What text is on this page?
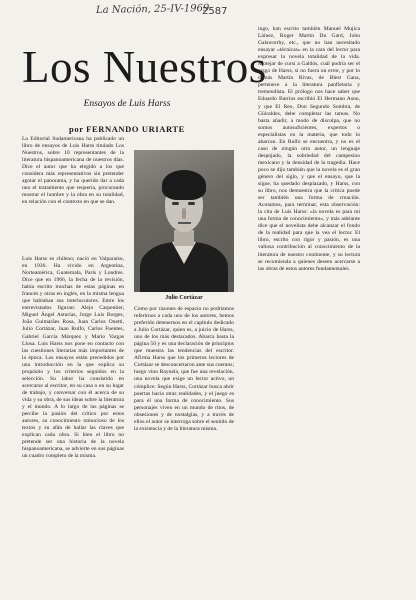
La Nación, 25-IV-1969
2587
Los Nuestros
Ensayos de Luis Harss
por FERNANDO URIARTE

La Editorial Sudamericana ha publicado un libro de ensayos de Luis Harss titulado Los Nuestros, sobre 10 representantes de la literatura hispanoamericana de nuestros días. Dice el autor que ha elegido a los que considera más representativos sin pretender agotar el panorama, y ha querido dar a cada uno el tratamiento que requería, procurando mostrar el hombre y la obra en su totalidad, en relación con el contexto en que se dan.

Luis Harss es chileno; nació en Valparaíso, en 1936. Ha vivido en Argentina, Norteamérica, Guatemala, París y Londres. Dice que en 1966, la fecha de la revisión, había escrito muchas de estas páginas en francés y otras en inglés, en la misma lengua que hablaban sus interlocutores. Entre los entrevistados figuran: Alejo Carpentier, Miguel Ángel Asturias, Jorge Luis Borges, João Guimarães Rosa, Juan Carlos Onetti, Julio Cortázar, Juan Rulfo, Carlos Fuentes, Gabriel García Márquez y Mario Vargas Llosa. Luis Harss nos pone en contacto con las cuestiones literarias más importantes de la época. Los ensayos están precedidos por una introducción en la que explica su propósito y los criterios seguidos en la selección. Su labor ha consistido en acercarse al escritor, en su casa o en su lugar de trabajo, y conversar con él acerca de su vida y su obra, de sus ideas sobre la literatura y el mundo. A lo largo de las páginas se percibe la pasión del crítico por estos autores, su conocimiento minucioso de los textos y su afán de hallar las claves que explican cada obra. Si bien el libro no pretende ser una historia de la novela hispanoamericana, se advierte en sus páginas un cuadro completo de la misma.

Julio Cortázar

Como por razones de espacio no podríamos referirnos a cada uno de los autores, hemos preferido detenernos en el capítulo dedicado a Julio Cortázar, quien es, a juicio de Harss, uno de los más destacados. Abarca hasta la página 50 y es una declaración de principios que muestra las tendencias del escritor. Afirma Harss que los primeros lectores de Cortázar se desconcertaron ante sus cuentos; luego vino Rayuela, que fue una revelación, una novela que exige un lector activo, un cómplice. Según Harss, Cortázar busca abrir puertas hacia otras realidades, y el juego es para él una forma de conocimiento. Sus personajes viven en un mundo de ritos, de obsesiones y de nostalgias, y a través de ellos el autor se interroga sobre el sentido de la existencia y de la literatura misma.

ingo, han escrito también Manuel Mujica Láinez, Roger Martin Du Gard, John Galsworthy, etc., que no han necesitado ensayar «técnicas» en la cara del lector para expresar la novela totalidad de la vida. Motejar de cursi a Galdós, cuál podría ser el rasgo de Harss, si no fuera un error, y por lo demás Martín Rivas, de Blest Gana, pertenece a la literatura panfletaria y tremendista. El prólogo nos hace saber que Eduardo Barrios escribió El Hermano Asno, y que El Reo, Don Segundo Sombra, de Güiraldes, debe completar las tareas. No basta añadir, a modo de disculpa, que no somos autosuficientes, expertos o especialistas en la materia, que todo lo abarcan. En Rulfo se encuentra, y no es el caso de ningún otro autor, un lenguaje despojado, la sobriedad del campesino mexicano y la densidad de la tragedia. Hace poco se dijo también que la novela es el gran género del siglo, y que el ensayo, que la sigue, ha quedado desplazado, y Harss, con su libro, nos demuestra que la crítica puede ser también una forma de creación. Acotamos, para terminar, esta observación: la cita de Luis Harss: «la novela es para mí una forma de conocimiento», y más adelante dice que el novelista debe alcanzar el fondo de la realidad para que la vea el lector. El libro, escrito con rigor y pasión, es una valiosa contribución al conocimiento de la literatura de nuestro continente, y su lectura se recomienda a quienes deseen acercarse a las obras de estos autores fundamentales.
